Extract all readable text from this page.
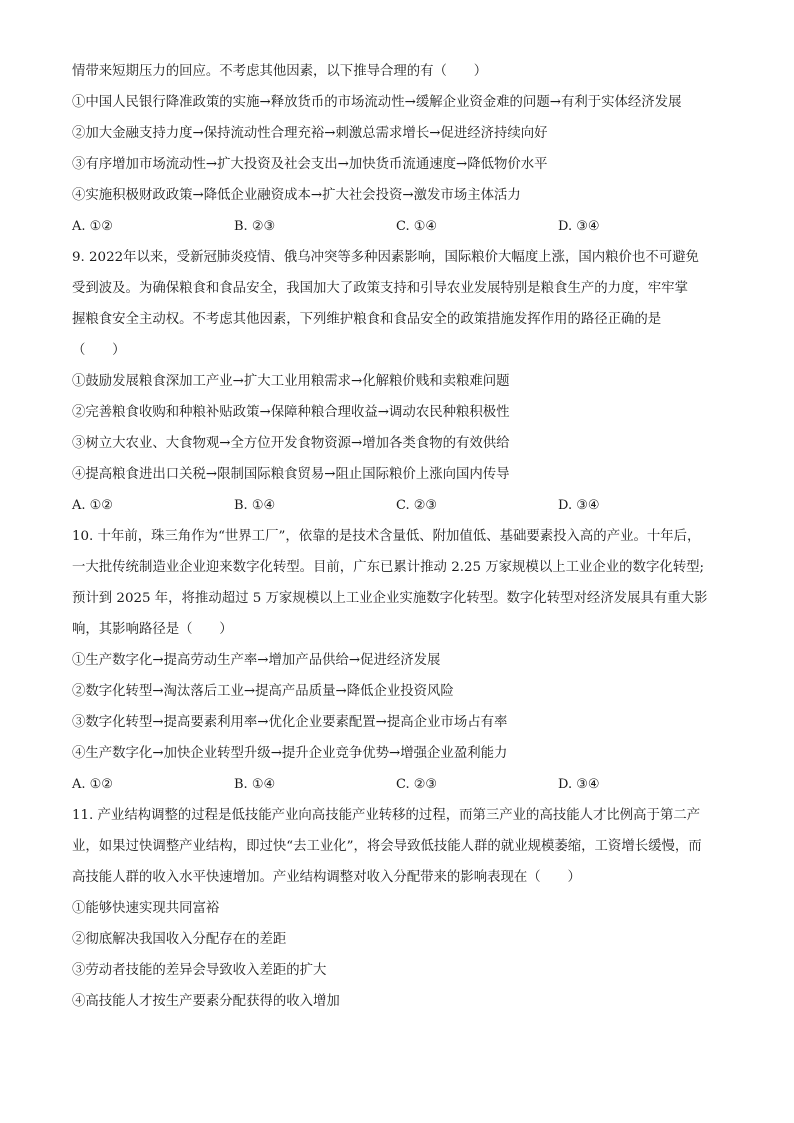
情带来短期压力的回应。不考虑其他因素，以下推导合理的有（　　）
①中国人民银行降准政策的实施→释放货币的市场流动性→缓解企业资金难的问题→有利于实体经济发展
②加大金融支持力度→保持流动性合理充裕→刺激总需求增长→促进经济持续向好
③有序增加市场流动性→扩大投资及社会支出→加快货币流通速度→降低物价水平
④实施积极财政政策→降低企业融资成本→扩大社会投资→激发市场主体活力
A. ①②	B. ②③	C. ①④	D. ③④
9. 2022年以来，受新冠肺炎疫情、俄乌冲突等多种因素影响，国际粮价大幅度上涨，国内粮价也不可避免
受到波及。为确保粮食和食品安全，我国加大了政策支持和引导农业发展特别是粮食生产的力度，牢牢掌
握粮食安全主动权。不考虑其他因素，下列维护粮食和食品安全的政策措施发挥作用的路径正确的是
（　　）
①鼓励发展粮食深加工产业→扩大工业用粮需求→化解粮价贱和卖粮难问题
②完善粮食收购和种粮补贴政策→保障种粮合理收益→调动农民种粮积极性
③树立大农业、大食物观→全方位开发食物资源→增加各类食物的有效供给
④提高粮食进出口关税→限制国际粮食贸易→阻止国际粮价上涨向国内传导
A. ①②	B. ①④	C. ②③	D. ③④
10. 十年前，珠三角作为“世界工厂”，依靠的是技术含量低、附加值低、基础要素投入高的产业。十年后，
一大批传统制造业企业迎来数字化转型。目前，广东已累计推动 2.25 万家规模以上工业企业的数字化转型;
预计到 2025 年，将推动超过 5 万家规模以上工业企业实施数字化转型。数字化转型对经济发展具有重大影
响，其影响路径是（　　）
①生产数字化→提高劳动生产率→增加产品供给→促进经济发展
②数字化转型→淘汰落后工业→提高产品质量→降低企业投资风险
③数字化转型→提高要素利用率→优化企业要素配置→提高企业市场占有率
④生产数字化→加快企业转型升级→提升企业竞争优势→增强企业盈利能力
A. ①②	B. ①④	C. ②③	D. ③④
11. 产业结构调整的过程是低技能产业向高技能产业转移的过程，而第三产业的高技能人才比例高于第二产
业，如果过快调整产业结构，即过快“去工业化”，将会导致低技能人群的就业规模萎缩，工资增长缓慢，而
高技能人群的收入水平快速增加。产业结构调整对收入分配带来的影响表现在（　　）
①能够快速实现共同富裕
②彻底解决我国收入分配存在的差距
③劳动者技能的差异会导致收入差距的扩大
④高技能人才按生产要素分配获得的收入增加
